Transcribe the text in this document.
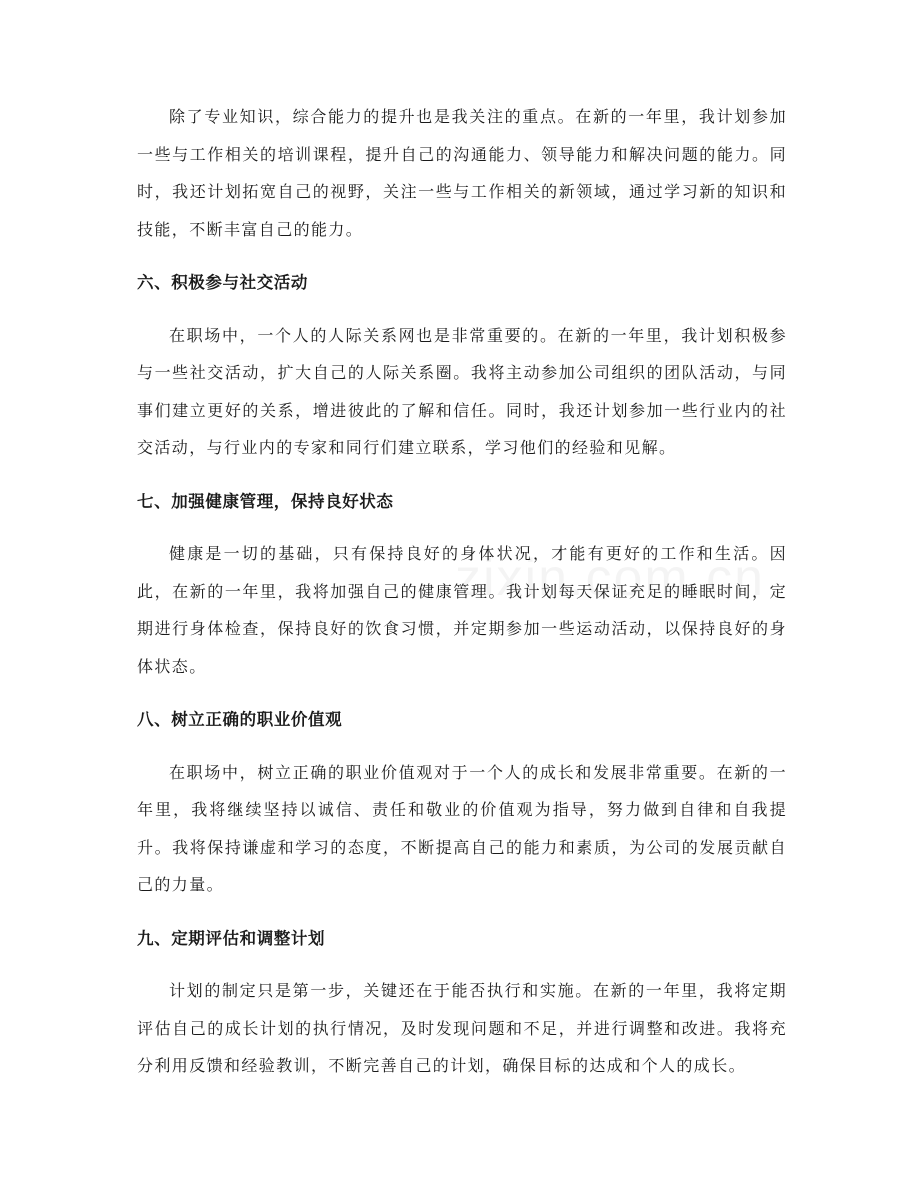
除了专业知识，综合能力的提升也是我关注的重点。在新的一年里，我计划参加一些与工作相关的培训课程，提升自己的沟通能力、领导能力和解决问题的能力。同时，我还计划拓宽自己的视野，关注一些与工作相关的新领域，通过学习新的知识和技能，不断丰富自己的能力。

六、积极参与社交活动

在职场中，一个人的人际关系网也是非常重要的。在新的一年里，我计划积极参与一些社交活动，扩大自己的人际关系圈。我将主动参加公司组织的团队活动，与同事们建立更好的关系，增进彼此的了解和信任。同时，我还计划参加一些行业内的社交活动，与行业内的专家和同行们建立联系，学习他们的经验和见解。

七、加强健康管理，保持良好状态

健康是一切的基础，只有保持良好的身体状况，才能有更好的工作和生活。因此，在新的一年里，我将加强自己的健康管理。我计划每天保证充足的睡眠时间，定期进行身体检查，保持良好的饮食习惯，并定期参加一些运动活动，以保持良好的身体状态。

八、树立正确的职业价值观

在职场中，树立正确的职业价值观对于一个人的成长和发展非常重要。在新的一年里，我将继续坚持以诚信、责任和敬业的价值观为指导，努力做到自律和自我提升。我将保持谦虚和学习的态度，不断提高自己的能力和素质，为公司的发展贡献自己的力量。

九、定期评估和调整计划

计划的制定只是第一步，关键还在于能否执行和实施。在新的一年里，我将定期评估自己的成长计划的执行情况，及时发现问题和不足，并进行调整和改进。我将充分利用反馈和经验教训，不断完善自己的计划，确保目标的达成和个人的成长。
